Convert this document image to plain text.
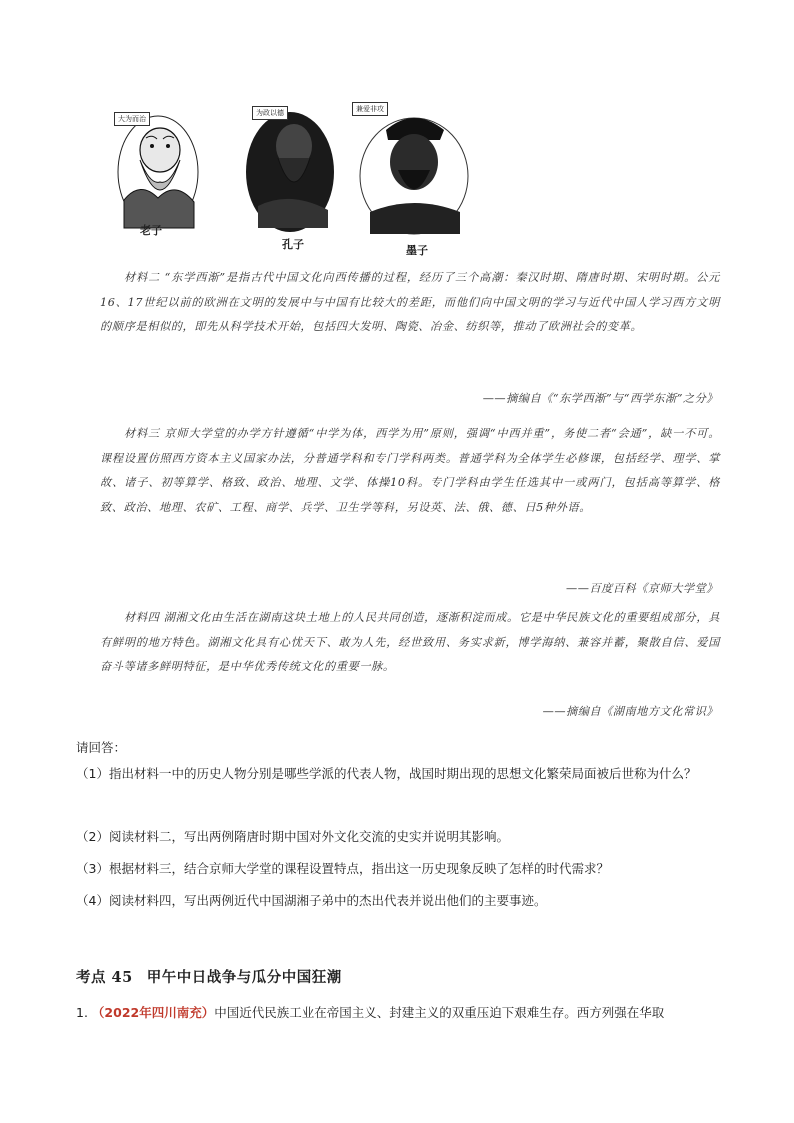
大为而治
老子
为政以德
孔子
兼爱非攻
墨子
材料二 “东学西渐”是指古代中国文化向西传播的过程，经历了三个高潮：秦汉时期、隋唐时期、宋明时期。公元16、17世纪以前的欧洲在文明的发展中与中国有比较大的差距，而他们向中国文明的学习与近代中国人学习西方文明的顺序是相似的，即先从科学技术开始，包括四大发明、陶瓷、冶金、纺织等，推动了欧洲社会的变革。
——摘编自《“东学西渐”与“西学东渐”之分》
材料三 京师大学堂的办学方针遵循“中学为体，西学为用”原则，强调“中西并重”，务使二者“会通”，缺一不可。课程设置仿照西方资本主义国家办法，分普通学科和专门学科两类。普通学科为全体学生必修课，包括经学、理学、掌故、诸子、初等算学、格致、政治、地理、文学、体操10科。专门学科由学生任选其中一或两门，包括高等算学、格致、政治、地理、农矿、工程、商学、兵学、卫生学等科，另设英、法、俄、德、日5种外语。
——百度百科《京师大学堂》
材料四 湖湘文化由生活在湖南这块土地上的人民共同创造，逐渐积淀而成。它是中华民族文化的重要组成部分，具有鲜明的地方特色。湖湘文化具有心忧天下、敢为人先，经世致用、务实求新，博学海纳、兼容并蓄，聚散自信、爱国奋斗等诸多鲜明特征，是中华优秀传统文化的重要一脉。
——摘编自《湖南地方文化常识》
请回答：
（1）指出材料一中的历史人物分别是哪些学派的代表人物，战国时期出现的思想文化繁荣局面被后世称为什么？
（2）阅读材料二，写出两例隋唐时期中国对外文化交流的史实并说明其影响。
（3）根据材料三，结合京师大学堂的课程设置特点，指出这一历史现象反映了怎样的时代需求？
（4）阅读材料四，写出两例近代中国湖湘子弟中的杰出代表并说出他们的主要事迹。
考点 45 甲午中日战争与瓜分中国狂潮
1. （2022年四川南充）中国近代民族工业在帝国主义、封建主义的双重压迫下艰难生存。西方列强在华取
